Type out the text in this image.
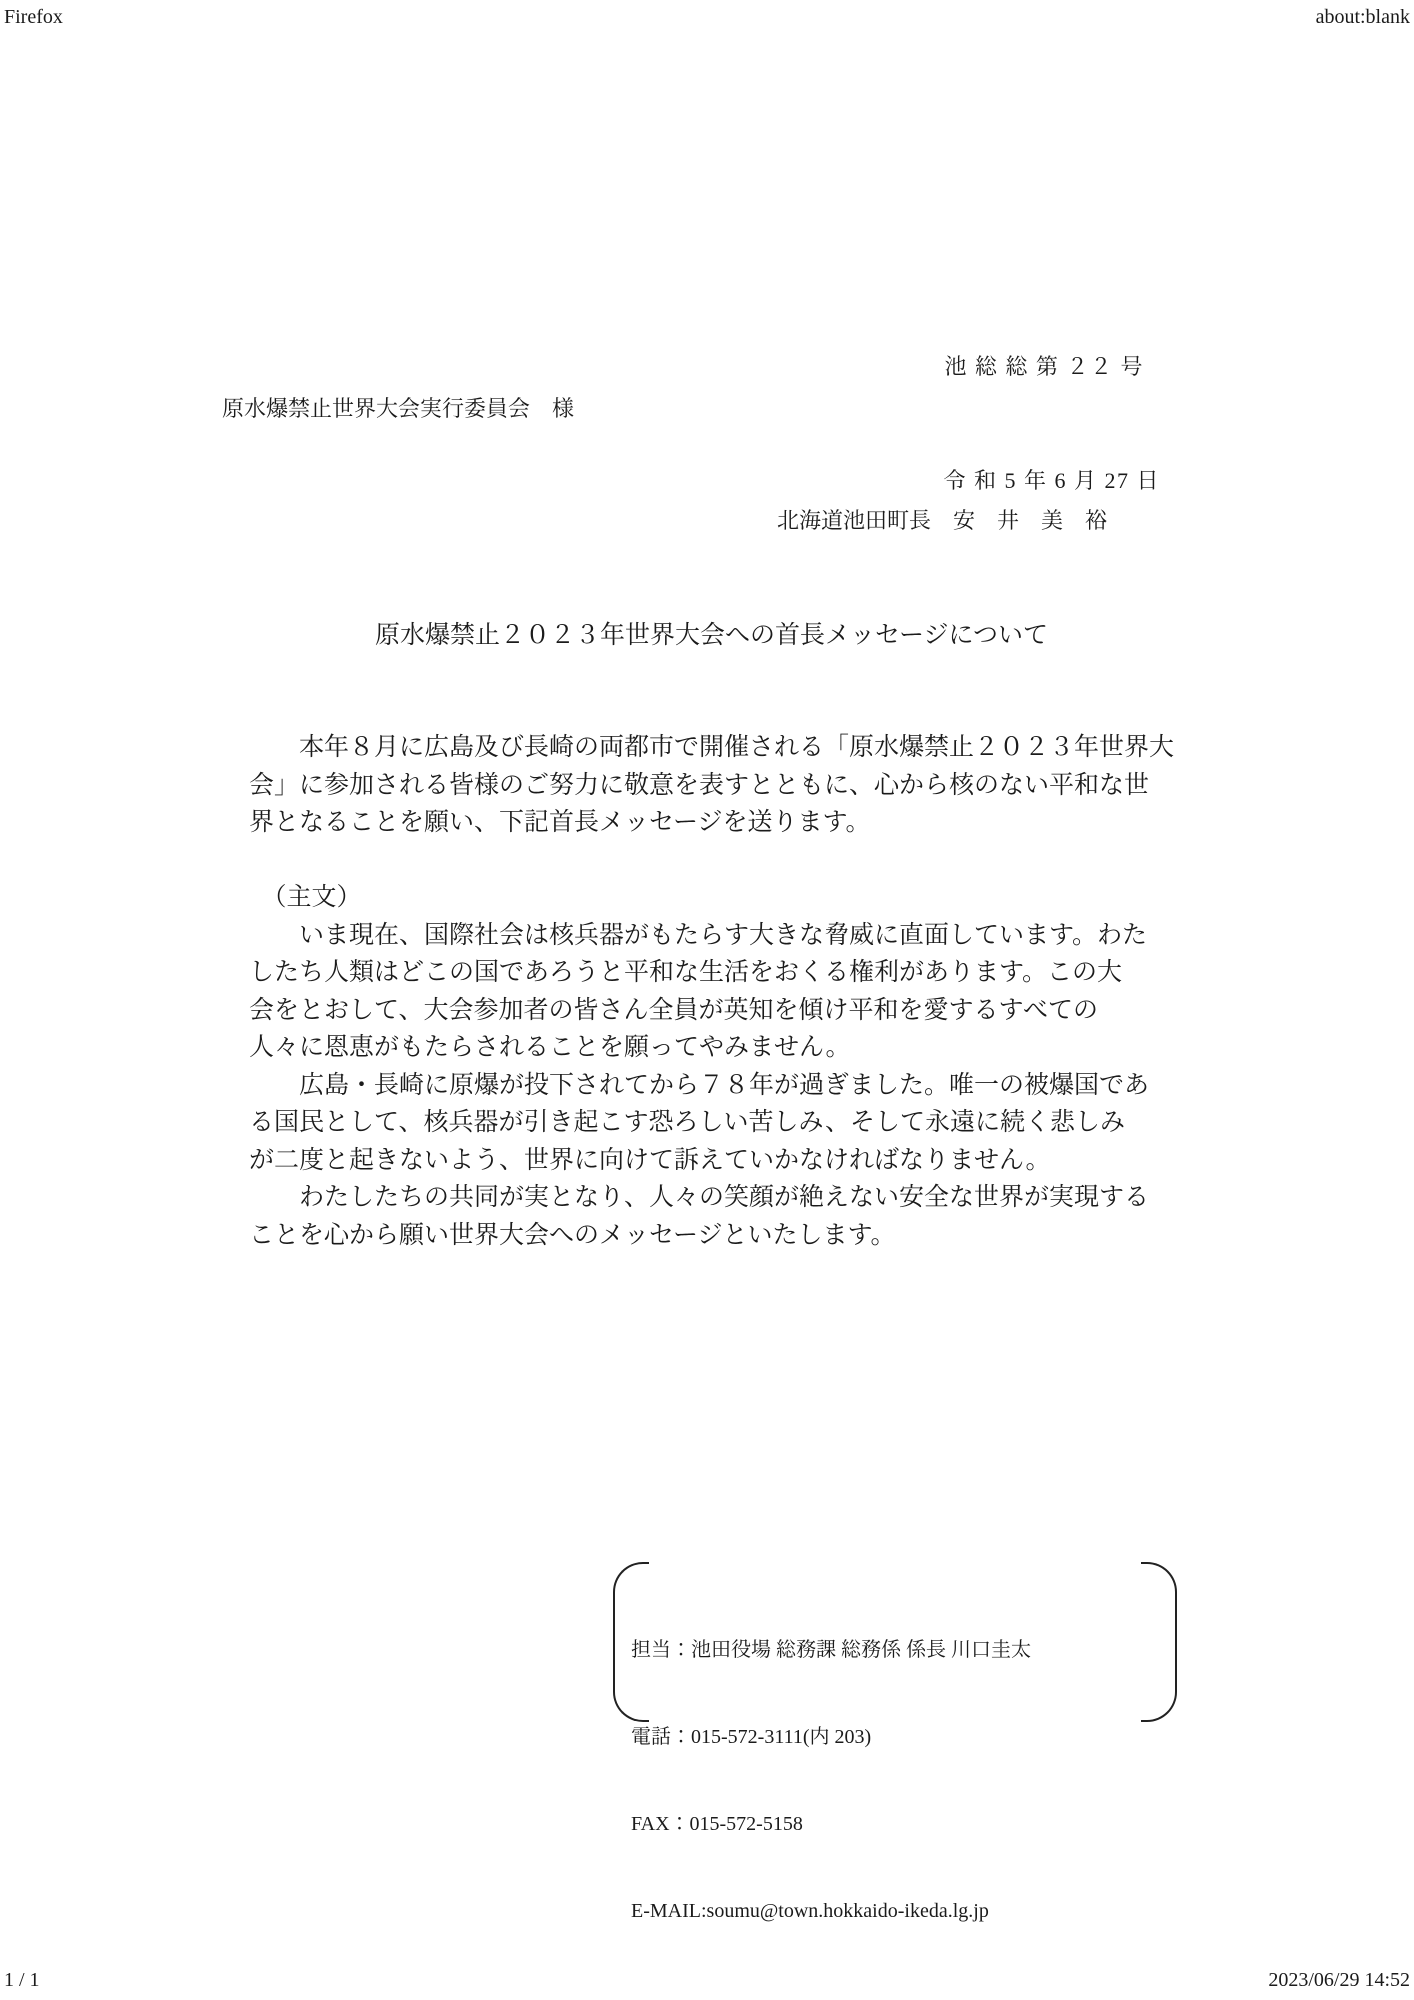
Firefox	about:blank

池 総 総 第 ２２ 号

令 和 5 年 6 月 27 日

原水爆禁止世界大会実行委員会　様
北海道池田町長　安　井　美　裕
原水爆禁止２０２３年世界大会への首長メッセージについて
　　本年８月に広島及び長崎の両都市で開催される「原水爆禁止２０２３年世界大
会」に参加される皆様のご努力に敬意を表すとともに、心から核のない平和な世
界となることを願い、下記首長メッセージを送ります。
　（主文）
　　いま現在、国際社会は核兵器がもたらす大きな脅威に直面しています。わた
したち人類はどこの国であろうと平和な生活をおくる権利があります。この大
会をとおして、大会参加者の皆さん全員が英知を傾け平和を愛するすべての
人々に恩恵がもたらされることを願ってやみません。
　　広島・長崎に原爆が投下されてから７８年が過ぎました。唯一の被爆国であ
る国民として、核兵器が引き起こす恐ろしい苦しみ、そして永遠に続く悲しみ
が二度と起きないよう、世界に向けて訴えていかなければなりません。
　　わたしたちの共同が実となり、人々の笑顔が絶えない安全な世界が実現する
ことを心から願い世界大会へのメッセージといたします。

担当：池田役場 総務課 総務係 係長 川口圭太

電話：015-572-3111(内 203)

FAX：015-572-5158

E-MAIL:soumu@town.hokkaido-ikeda.lg.jp

1 / 1	2023/06/29 14:52
